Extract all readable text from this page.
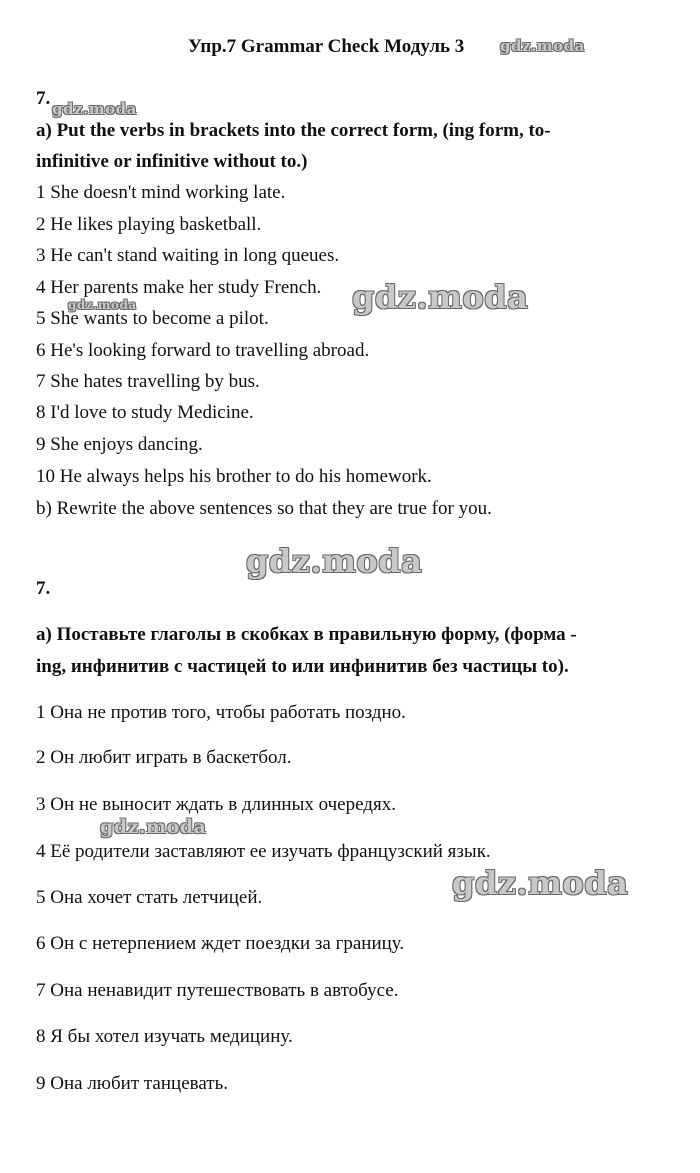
Упр.7 Grammar Check Модуль 3
7.
a) Put the verbs in brackets into the correct form, (ing form, to-
infinitive or infinitive without to.)
1 She doesn't mind working late.
2 He likes playing basketball.
3 He can't stand waiting in long queues.
4 Her parents make her study French.
5 She wants to become a pilot.
6 He's looking forward to travelling abroad.
7 She hates travelling by bus.
8 I'd love to study Medicine.
9 She enjoys dancing.
10 He always helps his brother to do his homework.
b) Rewrite the above sentences so that they are true for you.
7.
а) Поставьте глаголы в скобках в правильную форму, (форма -
ing, инфинитив с частицей to или инфинитив без частицы to).
1 Она не против того, чтобы работать поздно.
2 Он любит играть в баскетбол.
3 Он не выносит ждать в длинных очередях.
4 Её родители заставляют ее изучать французский язык.
5 Она хочет стать летчицей.
6 Он с нетерпением ждет поездки за границу.
7 Она ненавидит путешествовать в автобусе.
8 Я бы хотел изучать медицину.
9 Она любит танцевать.
gdz.moda
gdz.moda
gdz.moda	gdz.moda
gdz.moda
gdz.moda
gdz.moda
